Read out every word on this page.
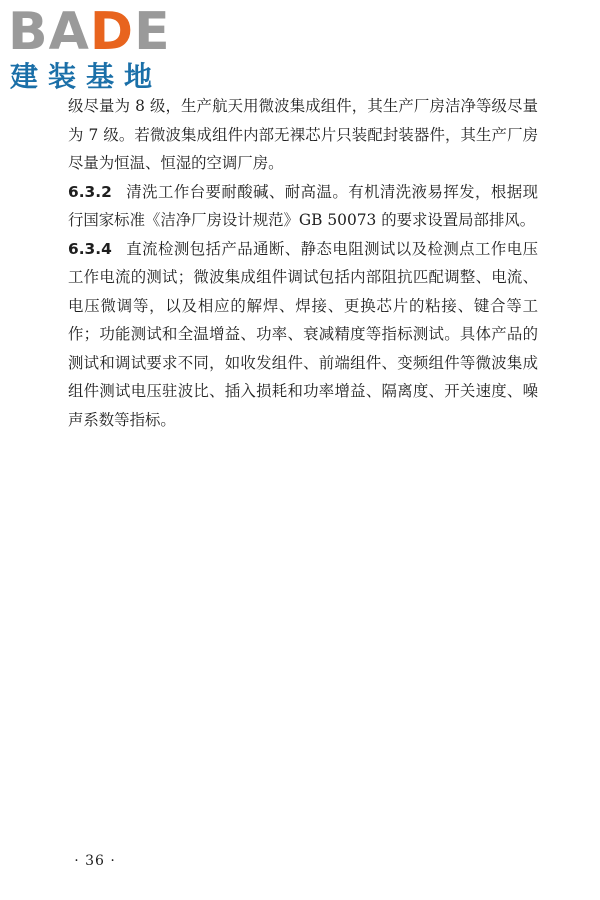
BADE
建装基地

级尽量为 8 级，生产航天用微波集成组件，其生产厂房洁净等级尽量为 7 级。若微波集成组件内部无裸芯片只装配封装器件，其生产厂房尽量为恒温、恒湿的空调厂房。

6.3.2 清洗工作台要耐酸碱、耐高温。有机清洗液易挥发，根据现行国家标准《洁净厂房设计规范》GB 50073 的要求设置局部排风。

6.3.4 直流检测包括产品通断、静态电阻测试以及检测点工作电压工作电流的测试；微波集成组件调试包括内部阻抗匹配调整、电流、电压微调等，以及相应的解焊、焊接、更换芯片的粘接、键合等工作；功能测试和全温增益、功率、衰减精度等指标测试。具体产品的测试和调试要求不同，如收发组件、前端组件、变频组件等微波集成组件测试电压驻波比、插入损耗和功率增益、隔离度、开关速度、噪声系数等指标。

· 36 ·
